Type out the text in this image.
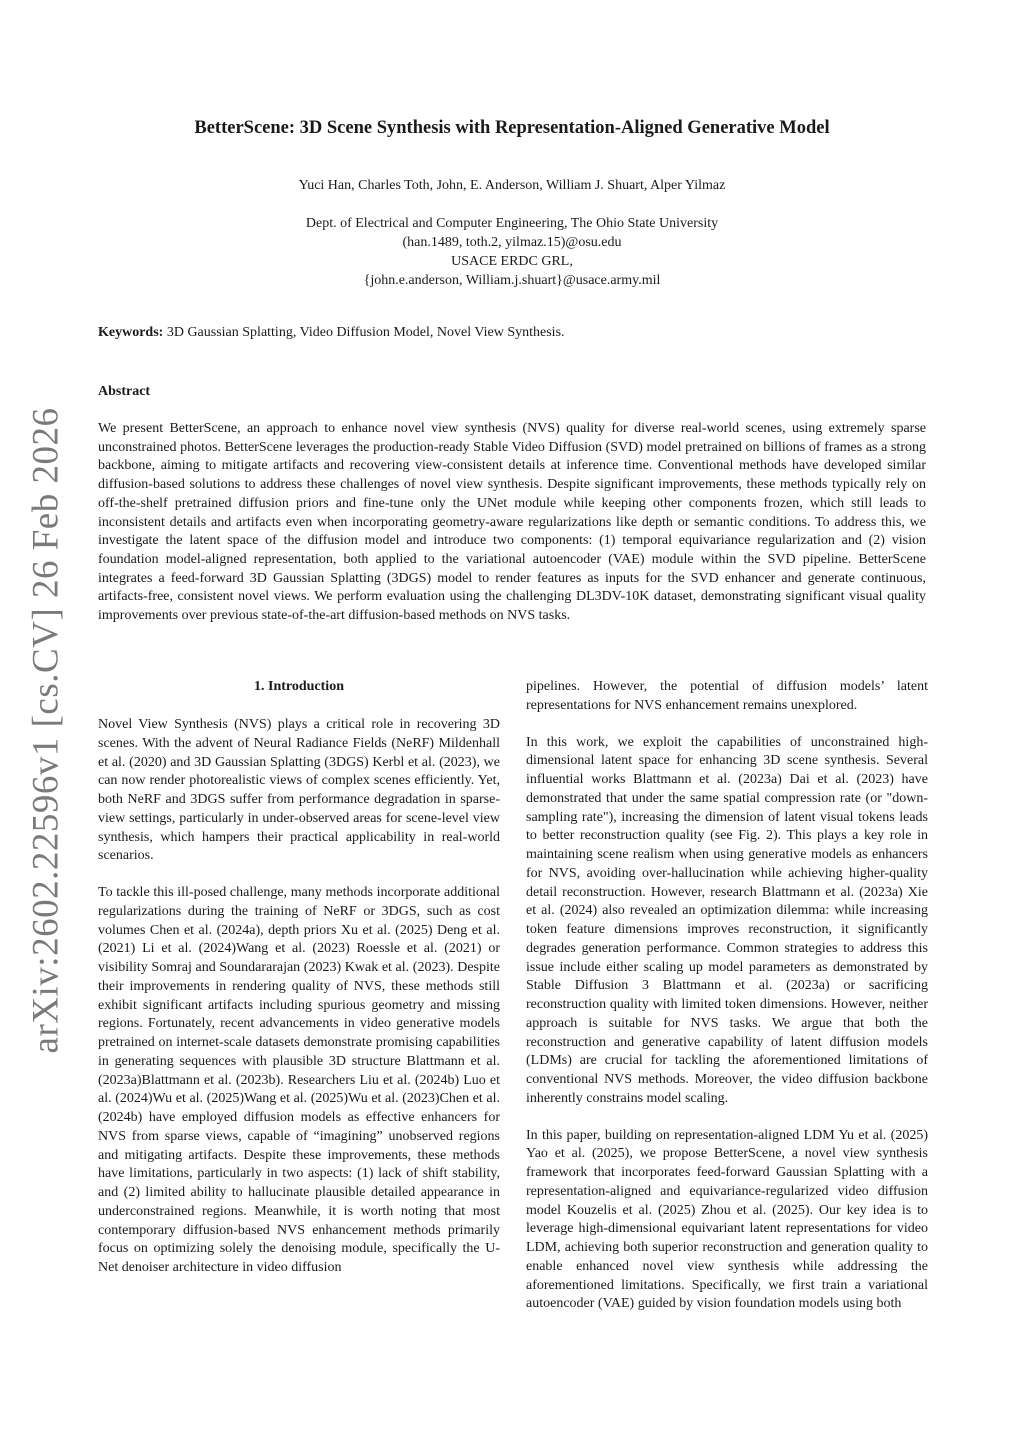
arXiv:2602.22596v1 [cs.CV] 26 Feb 2026
BetterScene: 3D Scene Synthesis with Representation-Aligned Generative Model
Yuci Han, Charles Toth, John, E. Anderson, William J. Shuart, Alper Yilmaz
Dept. of Electrical and Computer Engineering, The Ohio State University
(han.1489, toth.2, yilmaz.15)@osu.edu
USACE ERDC GRL,
{john.e.anderson, William.j.shuart}@usace.army.mil
Keywords: 3D Gaussian Splatting, Video Diffusion Model, Novel View Synthesis.
Abstract

We present BetterScene, an approach to enhance novel view synthesis (NVS) quality for diverse real-world scenes, using extremely sparse unconstrained photos. BetterScene leverages the production-ready Stable Video Diffusion (SVD) model pretrained on billions of frames as a strong backbone, aiming to mitigate artifacts and recovering view-consistent details at inference time. Conventional methods have developed similar diffusion-based solutions to address these challenges of novel view synthesis. Despite significant improvements, these methods typically rely on off-the-shelf pretrained diffusion priors and fine-tune only the UNet module while keeping other components frozen, which still leads to inconsistent details and artifacts even when incorporating geometry-aware regularizations like depth or semantic conditions. To address this, we investigate the latent space of the diffusion model and introduce two components: (1) temporal equivariance regularization and (2) vision foundation model-aligned representation, both applied to the variational autoencoder (VAE) module within the SVD pipeline. BetterScene integrates a feed-forward 3D Gaussian Splatting (3DGS) model to render features as inputs for the SVD enhancer and generate continuous, artifacts-free, consistent novel views. We perform evaluation using the challenging DL3DV-10K dataset, demonstrating significant visual quality improvements over previous state-of-the-art diffusion-based methods on NVS tasks.

1. Introduction

Novel View Synthesis (NVS) plays a critical role in recovering 3D scenes. With the advent of Neural Radiance Fields (NeRF) Mildenhall et al. (2020) and 3D Gaussian Splatting (3DGS) Kerbl et al. (2023), we can now render photorealistic views of complex scenes efficiently. Yet, both NeRF and 3DGS suffer from performance degradation in sparse-view settings, particularly in under-observed areas for scene-level view synthesis, which hampers their practical applicability in real-world scenarios.

To tackle this ill-posed challenge, many methods incorporate additional regularizations during the training of NeRF or 3DGS, such as cost volumes Chen et al. (2024a), depth priors Xu et al. (2025) Deng et al. (2021) Li et al. (2024)Wang et al. (2023) Roessle et al. (2021) or visibility Somraj and Soundararajan (2023) Kwak et al. (2023). Despite their improvements in rendering quality of NVS, these methods still exhibit significant artifacts including spurious geometry and missing regions. Fortunately, recent advancements in video generative models pretrained on internet-scale datasets demonstrate promising capabilities in generating sequences with plausible 3D structure Blattmann et al. (2023a)Blattmann et al. (2023b). Researchers Liu et al. (2024b) Luo et al. (2024)Wu et al. (2025)Wang et al. (2025)Wu et al. (2023)Chen et al. (2024b) have employed diffusion models as effective enhancers for NVS from sparse views, capable of “imagining” unobserved regions and mitigating artifacts. Despite these improvements, these methods have limitations, particularly in two aspects: (1) lack of shift stability, and (2) limited ability to hallucinate plausible detailed appearance in underconstrained regions. Meanwhile, it is worth noting that most contemporary diffusion-based NVS enhancement methods primarily focus on optimizing solely the denoising module, specifically the U-Net denoiser architecture in video diffusion

pipelines. However, the potential of diffusion models’ latent representations for NVS enhancement remains unexplored.

In this work, we exploit the capabilities of unconstrained high-dimensional latent space for enhancing 3D scene synthesis. Several influential works Blattmann et al. (2023a) Dai et al. (2023) have demonstrated that under the same spatial compression rate (or "down-sampling rate"), increasing the dimension of latent visual tokens leads to better reconstruction quality (see Fig. 2). This plays a key role in maintaining scene realism when using generative models as enhancers for NVS, avoiding over-hallucination while achieving higher-quality detail reconstruction. However, research Blattmann et al. (2023a) Xie et al. (2024) also revealed an optimization dilemma: while increasing token feature dimensions improves reconstruction, it significantly degrades generation performance. Common strategies to address this issue include either scaling up model parameters as demonstrated by Stable Diffusion 3 Blattmann et al. (2023a) or sacrificing reconstruction quality with limited token dimensions. However, neither approach is suitable for NVS tasks. We argue that both the reconstruction and generative capability of latent diffusion models (LDMs) are crucial for tackling the aforementioned limitations of conventional NVS methods. Moreover, the video diffusion backbone inherently constrains model scaling.

In this paper, building on representation-aligned LDM Yu et al. (2025) Yao et al. (2025), we propose BetterScene, a novel view synthesis framework that incorporates feed-forward Gaussian Splatting with a representation-aligned and equivariance-regularized video diffusion model Kouzelis et al. (2025) Zhou et al. (2025). Our key idea is to leverage high-dimensional equivariant latent representations for video LDM, achieving both superior reconstruction and generation quality to enable enhanced novel view synthesis while addressing the aforementioned limitations. Specifically, we first train a variational autoencoder (VAE) guided by vision foundation models using both
